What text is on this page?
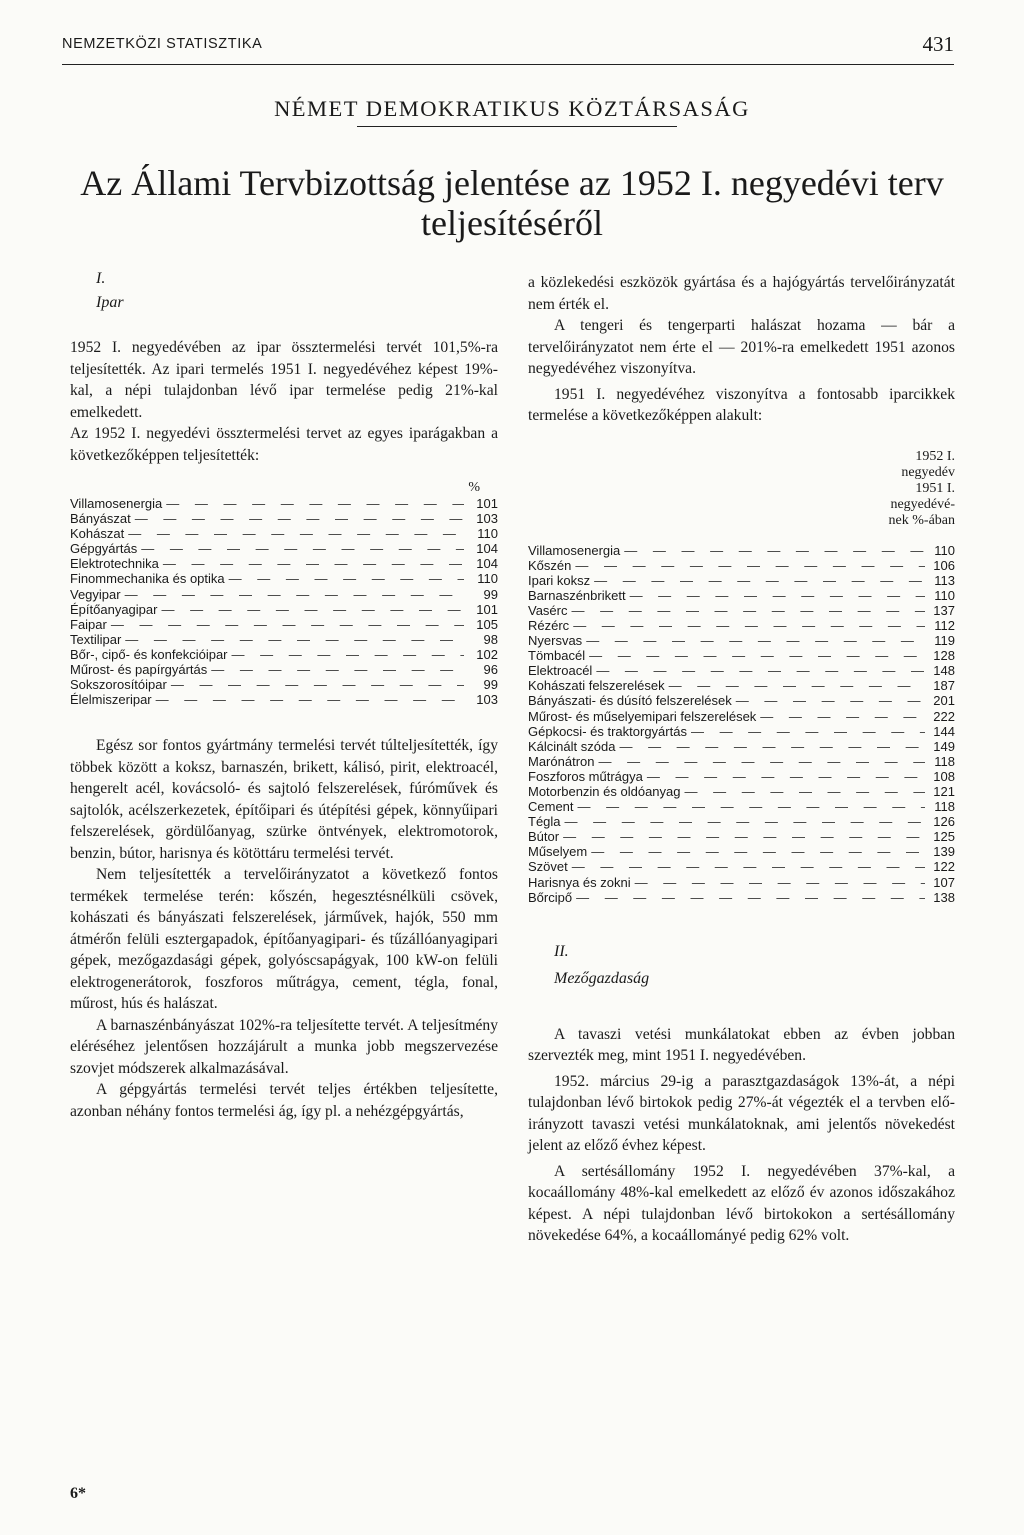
NEMZETKÖZI STATISZTIKA	431
NÉMET DEMOKRATIKUS KÖZTÁRSASÁG
Az Állami Tervbizottság jelentése az 1952 I. negyedévi terv
teljesítéséről

I.

Ipar

1952 I. negyedévében az ipar össztermelési tervét 101,5%-ra teljesítették. Az ipari termelés 1951 I. negyedévéhez képest 19%-kal, a népi tulajdonban lévő ipar termelése pedig 21%-kal emelkedett.

Az 1952 I. negyedévi össztermelési tervet az egyes iparágakban a következőképpen teljesítették:

%
Villamosenergia — — —	101
Bányászat — — —	103
Kohászat — — —	110
Gépgyártás — — —	104
Elektrotechnika — — —	104
Finommechanika és optika — — —	110
Vegyipar — — —	99
Építőanyagipar — — —	101
Faipar — — —	105
Textilipar — — —	98
Bőr-, cipő- és konfekcióipar — — —	102
Műrost- és papírgyártás — — —	96
Sokszorosítóipar — — —	99
Élelmiszeripar — — —	103

Egész sor fontos gyártmány termelési tervét túlteljesítették, így többek között a koksz, barnaszén, brikett, kálisó, pirit, elektroacél, hengerelt acél, kovácsoló- és sajtoló felszerelések, fúróművek és sajtolók, acélszerkezetek, építőipari és útépítési gépek, könnyűipari felszerelések, gördülőanyag, szürke öntvények, elektromotorok, benzin, bútor, harisnya és kötöttáru termelési tervét.

Nem teljesítették a tervelőirányzatot a következő fontos termékek termelése terén: kőszén, hegesztésnélküli csövek, kohászati és bányászati felszerelések, járművek, hajók, 550 mm átmérőn felüli esztergapadok, építőanyagipari- és tűzállóanyagipari gépek, mezőgazdasági gépek, golyóscsapágyak, 100 kW-on felüli elektrogenerátorok, foszforos műtrágya, cement, tégla, fonal, műrost, hús és halászat.

A barnaszénbányászat 102%-ra teljesítette tervét. A teljesítmény eléréséhez jelentősen hozzájárult a munka jobb megszervezése szovjet módszerek alkalmazásával.

A gépgyártás termelési tervét teljes értékben teljesítette, azonban néhány fontos termelési ág, így pl. a nehézgépgyártás,

6*

a közlekedési eszközök gyártása és a hajógyártás tervelőirányzatát nem érték el.

A tengeri és tengerparti halászat hozama — bár a tervelőirányzatot nem érte el — 201%-ra emelkedett 1951 azonos negyedévéhez viszonyítva.

1951 I. negyedévéhez viszonyítva a fontosabb iparcikkek termelése a következőképpen alakult:

1952 I.
negyedév
1951 I.
negyedévé-
nek %-ában
Villamosenergia — — —	110
Kőszén — — —	106
Ipari koksz — — —	113
Barnaszénbrikett — — —	110
Vasérc — — —	137
Rézérc — — —	112
Nyersvas — — —	119
Tömbacél — — —	128
Elektroacél — — —	148
Kohászati felszerelések — — —	187
Bányászati- és dúsító felszerelések — — —	201
Műrost- és műselyemipari felszerelések — — —	222
Gépkocsi- és traktorgyártás — — —	144
Kálcinált szóda — — —	149
Marónátron — — —	118
Foszforos műtrágya — — —	108
Motorbenzin és oldóanyag — — —	121
Cement — — —	118
Tégla — — —	126
Bútor — — —	125
Műselyem — — —	139
Szövet — — —	122
Harisnya és zokni — — —	107
Bőrcipő — — —	138

II.

Mezőgazdaság

A tavaszi vetési munkálatokat ebben az évben jobban szervezték meg, mint 1951 I. negyedévében.

1952. március 29-ig a parasztgazdaságok 13%-át, a népi tulajdonban lévő birtokok pedig 27%-át végezték el a tervben előirányzott tavaszi vetési munkálatoknak, ami jelentős növekedést jelent az előző évhez képest.

A sertésállomány 1952 I. negyedévében 37%-kal, a kocaállomány 48%-kal emelkedett az előző év azonos időszakához képest. A népi tulajdonban lévő birtokokon a sertésállomány növekedése 64%, a kocaállományé pedig 62% volt.
